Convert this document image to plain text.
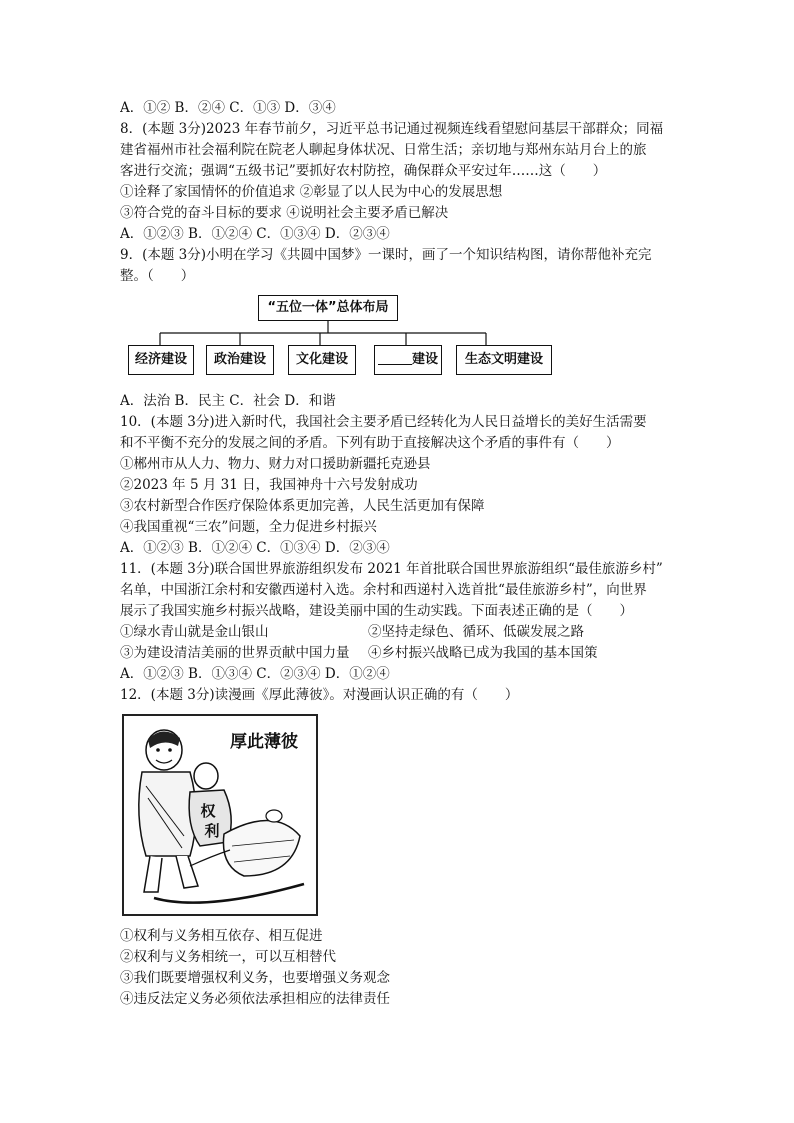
A．①② B．②④ C．①③ D．③④
8．(本题 3分)2023 年春节前夕，习近平总书记通过视频连线看望慰问基层干部群众；同福
建省福州市社会福利院在院老人聊起身体状况、日常生活；亲切地与郑州东站月台上的旅
客进行交流；强调“五级书记”要抓好农村防控，确保群众平安过年……这（　　）
①诠释了家国情怀的价值追求 ②彰显了以人民为中心的发展思想
③符合党的奋斗目标的要求 ④说明社会主要矛盾已解决
A．①②③ B．①②④ C．①③④ D．②③④
9．(本题 3分)小明在学习《共圆中国梦》一课时，画了一个知识结构图，请你帮他补充完
整。（　　）
“五位一体”总体布局
经济建设	政治建设	文化建设	建设	生态文明建设
A．法治 B．民主 C．社会 D．和谐
10．(本题 3分)进入新时代，我国社会主要矛盾已经转化为人民日益增长的美好生活需要
和不平衡不充分的发展之间的矛盾。下列有助于直接解决这个矛盾的事件有（　　）
①郴州市从人力、物力、财力对口援助新疆托克逊县
②2023 年 5 月 31 日，我国神舟十六号发射成功
③农村新型合作医疗保险体系更加完善，人民生活更加有保障
④我国重视“三农”问题，全力促进乡村振兴
A．①②③ B．①②④ C．①③④ D．②③④
11．(本题 3分)联合国世界旅游组织发布 2021 年首批联合国世界旅游组织“最佳旅游乡村”
名单，中国浙江余村和安徽西递村入选。余村和西递村入选首批“最佳旅游乡村”，向世界
展示了我国实施乡村振兴战略，建设美丽中国的生动实践。下面表述正确的是（　　）
①绿水青山就是金山银山	②坚持走绿色、循环、低碳发展之路
③为建设清洁美丽的世界贡献中国力量	④乡村振兴战略已成为我国的基本国策
A．①②③ B．①③④ C．②③④ D．①②④
12．(本题 3分)读漫画《厚此薄彼》。对漫画认识正确的有（　　）
厚此薄彼
权
利
①权利与义务相互依存、相互促进
②权利与义务相统一，可以互相替代
③我们既要增强权利义务，也要增强义务观念
④违反法定义务必须依法承担相应的法律责任
